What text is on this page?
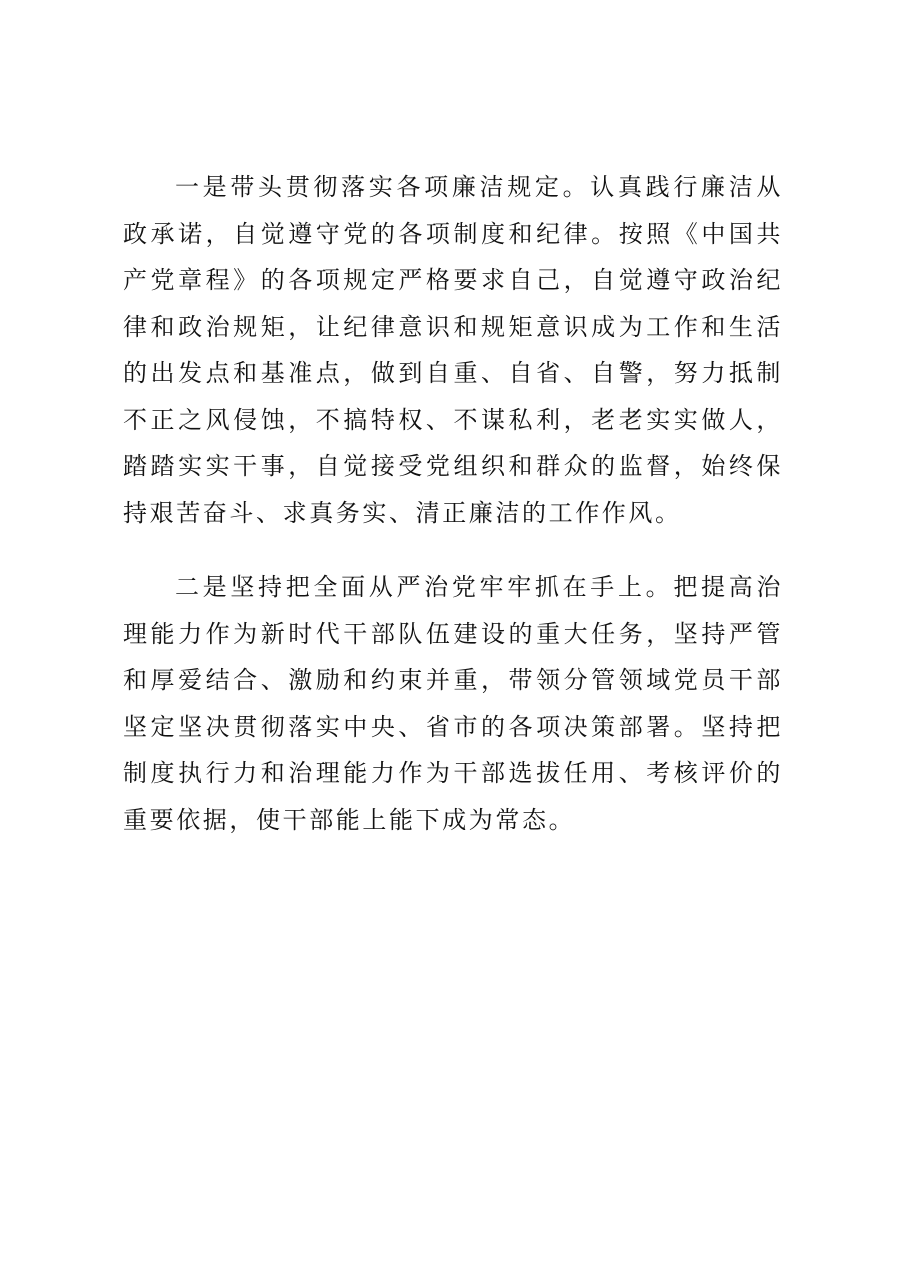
一是带头贯彻落实各项廉洁规定。认真践行廉洁从政承诺，自觉遵守党的各项制度和纪律。按照《中国共产党章程》的各项规定严格要求自己，自觉遵守政治纪律和政治规矩，让纪律意识和规矩意识成为工作和生活的出发点和基准点，做到自重、自省、自警，努力抵制不正之风侵蚀，不搞特权、不谋私利，老老实实做人，踏踏实实干事，自觉接受党组织和群众的监督，始终保持艰苦奋斗、求真务实、清正廉洁的工作作风。

二是坚持把全面从严治党牢牢抓在手上。把提高治理能力作为新时代干部队伍建设的重大任务，坚持严管和厚爱结合、激励和约束并重，带领分管领域党员干部坚定坚决贯彻落实中央、省市的各项决策部署。坚持把制度执行力和治理能力作为干部选拔任用、考核评价的重要依据，使干部能上能下成为常态。
